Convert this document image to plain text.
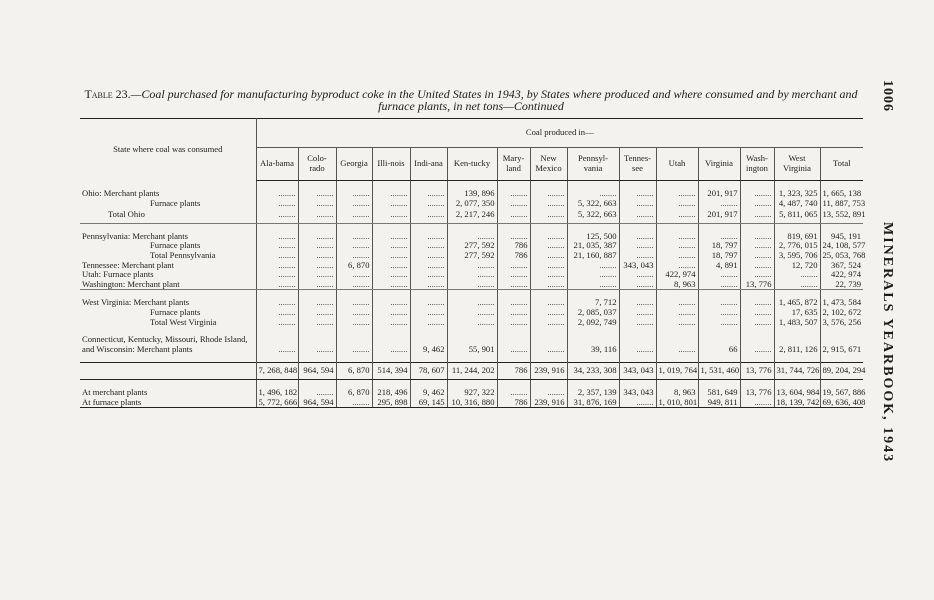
Table 23.—Coal purchased for manufacturing byproduct coke in the United States in 1943, by States where produced and where consumed and by merchant and furnace plants, in net tons—Continued	1006
MINERALS YEARBOOK, 1943
State where coal was consumed	Coal produced in—														
	Ala-bama	Colo-rado	Georgia	Illi-nois	Indi-ana	Ken-tucky	Mary-land	New Mexico	Pennsyl-vania	Tennes-see	Utah	Virginia	Wash-ington	West Virginia	Total

Ohio: Merchant plants	........	........	........	........	........	139, 896	........	........	........	........	........	201, 917	........	1, 323, 325	1, 665, 138
Furnace plants	........	........	........	........	........	2, 077, 350	........	........	5, 322, 663	........	........	........	........	4, 487, 740	11, 887, 753
Total Ohio	........	........	........	........	........	2, 217, 246	........	........	5, 322, 663	........	........	201, 917	........	5, 811, 065	13, 552, 891

Pennsylvania: Merchant plants	........	........	........	........	........	........	........	........	125, 500	........	........	........	........	819, 691	945, 191
Furnace plants	........	........	........	........	........	277, 592	786	........	21, 035, 387	........	........	18, 797	........	2, 776, 015	24, 108, 577
Total Pennsylvania	........	........	........	........	........	277, 592	786	........	21, 160, 887	........	........	18, 797	........	3, 595, 706	25, 053, 768
Tennessee: Merchant plant	........	........	6, 870	........	........	........	........	........	........	343, 043	........	4, 891	........	12, 720	367, 524
Utah: Furnace plants	........	........	........	........	........	........	........	........	........	........	422, 974	........	........	........	422, 974
Washington: Merchant plant	........	........	........	........	........	........	........	........	........	........	8, 963	........	13, 776	........	22, 739

West Virginia: Merchant plants	........	........	........	........	........	........	........	........	7, 712	........	........	........	........	1, 465, 872	1, 473, 584
Furnace plants	........	........	........	........	........	........	........	........	2, 085, 037	........	........	........	........	17, 635	2, 102, 672
Total West Virginia	........	........	........	........	........	........	........	........	2, 092, 749	........	........	........	........	1, 483, 507	3, 576, 256

Connecticut, Kentucky, Missouri, Rhode Island, and Wisconsin: Merchant plants	........	........	........	........	9, 462	55, 901	........	........	39, 116	........	........	66	........	2, 811, 126	2, 915, 671

	7, 268, 848	964, 594	6, 870	514, 394	78, 607	11, 244, 202	786	239, 916	34, 233, 308	343, 043	1, 019, 764	1, 531, 460	13, 776	31, 744, 726	89, 204, 294

At merchant plants	1, 496, 182	........	6, 870	218, 496	9, 462	927, 322	........	........	2, 357, 139	343, 043	8, 963	581, 649	13, 776	13, 604, 984	19, 567, 886
At furnace plants	5, 772, 666	964, 594	........	295, 898	69, 145	10, 316, 880	786	239, 916	31, 876, 169	........	1, 010, 801	949, 811	........	18, 139, 742	69, 636, 408
